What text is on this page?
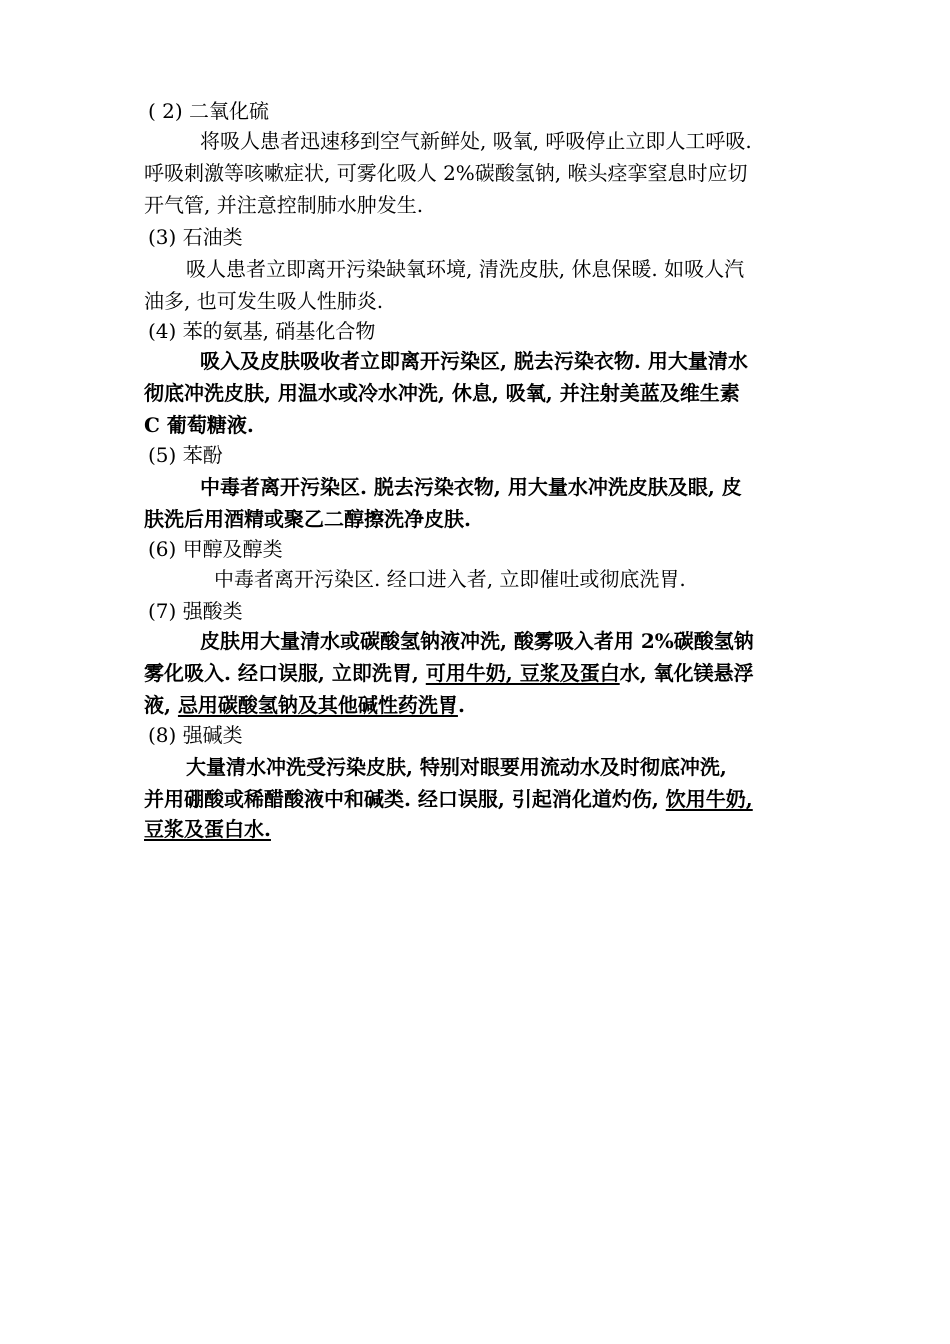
( 2) 二氧化硫

将吸人患者迅速移到空气新鲜处, 吸氧, 呼吸停止立即人工呼吸.

呼吸刺激等咳嗽症状, 可雾化吸人 2%碳酸氢钠, 喉头痉挛窒息时应切

开气管, 并注意控制肺水肿发生.

(3) 石油类

吸人患者立即离开污染缺氧环境, 清洗皮肤, 休息保暖. 如吸人汽

油多, 也可发生吸人性肺炎.

(4) 苯的氨基, 硝基化合物

吸入及皮肤吸收者立即离开污染区, 脱去污染衣物. 用大量清水

彻底冲洗皮肤, 用温水或冷水冲洗, 休息, 吸氧, 并注射美蓝及维生素

C 葡萄糖液.

(5) 苯酚

中毒者离开污染区. 脱去污染衣物, 用大量水冲洗皮肤及眼, 皮

肤洗后用酒精或聚乙二醇擦洗净皮肤.

(6) 甲醇及醇类

中毒者离开污染区. 经口进入者, 立即催吐或彻底洗胃.

(7) 强酸类

皮肤用大量清水或碳酸氢钠液冲洗, 酸雾吸入者用 2%碳酸氢钠

雾化吸入. 经口误服, 立即洗胃, 可用牛奶, 豆浆及蛋白水, 氧化镁悬浮

液, 忌用碳酸氢钠及其他碱性药洗胃.

(8) 强碱类

大量清水冲洗受污染皮肤, 特别对眼要用流动水及时彻底冲洗,

并用硼酸或稀醋酸液中和碱类. 经口误服, 引起消化道灼伤, 饮用牛奶,

豆浆及蛋白水.
